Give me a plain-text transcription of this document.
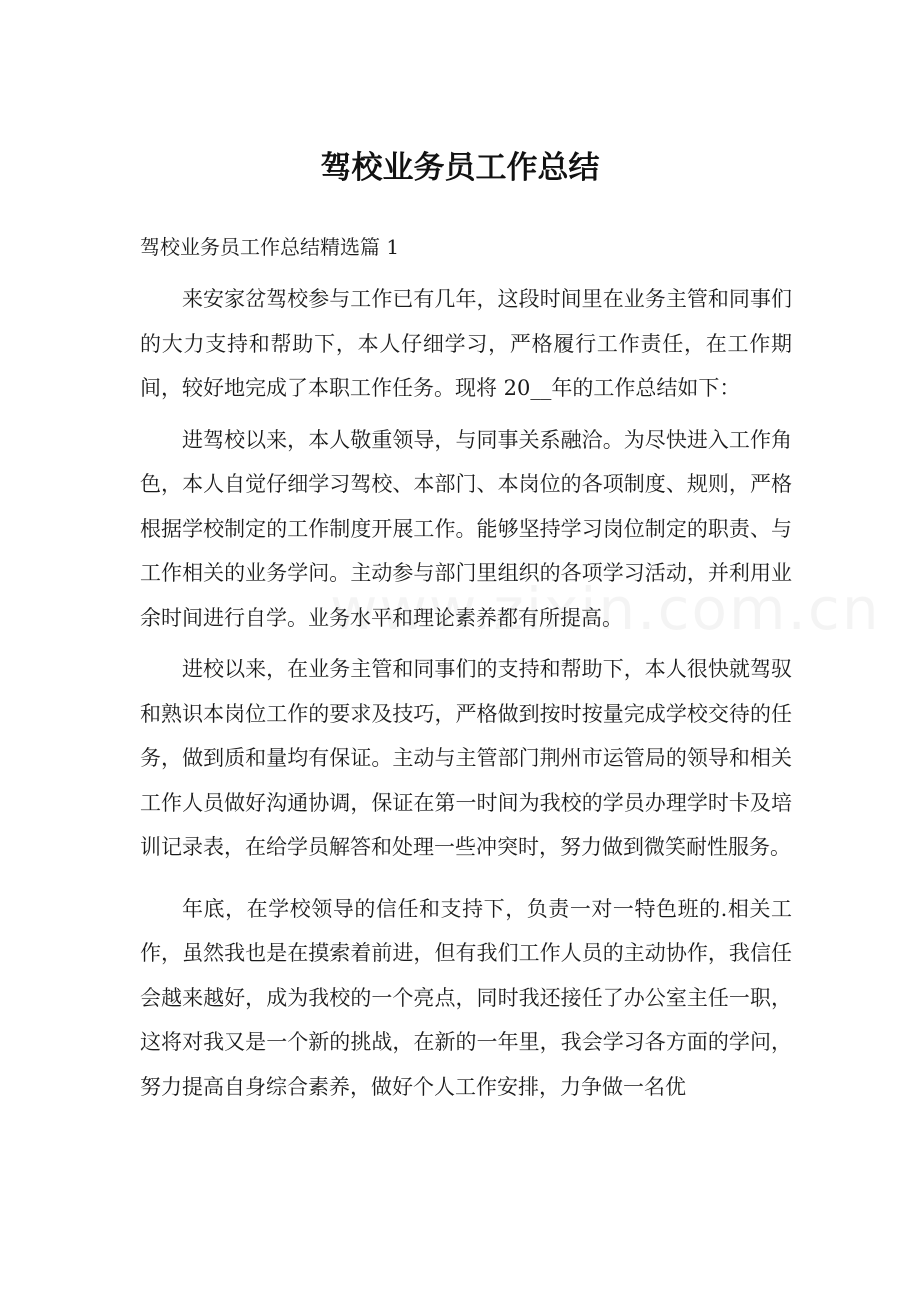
驾校业务员工作总结

驾校业务员工作总结精选篇 1

来安家岔驾校参与工作已有几年，这段时间里在业务主管和同事们的大力支持和帮助下，本人仔细学习，严格履行工作责任，在工作期间，较好地完成了本职工作任务。现将 20__年的工作总结如下：

进驾校以来，本人敬重领导，与同事关系融洽。为尽快进入工作角色，本人自觉仔细学习驾校、本部门、本岗位的各项制度、规则，严格根据学校制定的工作制度开展工作。能够坚持学习岗位制定的职责、与工作相关的业务学问。主动参与部门里组织的各项学习活动，并利用业余时间进行自学。业务水平和理论素养都有所提高。

进校以来，在业务主管和同事们的支持和帮助下，本人很快就驾驭和熟识本岗位工作的要求及技巧，严格做到按时按量完成学校交待的任务，做到质和量均有保证。主动与主管部门荆州市运管局的领导和相关工作人员做好沟通协调，保证在第一时间为我校的学员办理学时卡及培训记录表，在给学员解答和处理一些冲突时，努力做到微笑耐性服务。

年底，在学校领导的信任和支持下，负责一对一特色班的.相关工作，虽然我也是在摸索着前进，但有我们工作人员的主动协作，我信任会越来越好，成为我校的一个亮点，同时我还接任了办公室主任一职，这将对我又是一个新的挑战，在新的一年里，我会学习各方面的学问，努力提高自身综合素养，做好个人工作安排，力争做一名优
